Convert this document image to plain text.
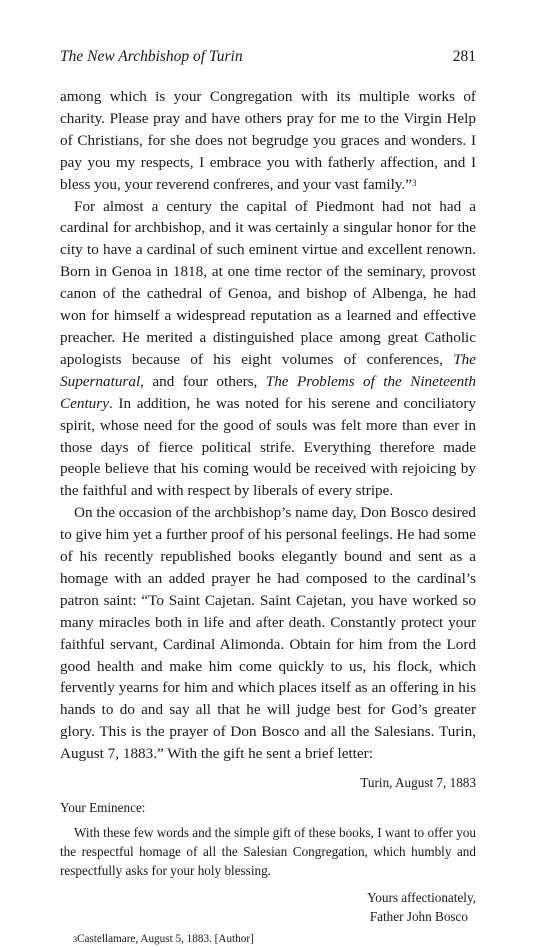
The New Archbishop of Turin	281

among which is your Congregation with its multiple works of charity. Please pray and have others pray for me to the Virgin Help of Christians, for she does not begrudge you graces and wonders. I pay you my respects, I embrace you with fatherly affection, and I bless you, your reverend confreres, and your vast family.”$^3$

For almost a century the capital of Piedmont had not had a cardinal for archbishop, and it was certainly a singular honor for the city to have a cardinal of such eminent virtue and excellent renown. Born in Genoa in 1818, at one time rector of the seminary, provost canon of the cathedral of Genoa, and bishop of Albenga, he had won for himself a widespread reputation as a learned and effective preacher. He merited a distinguished place among great Catholic apologists because of his eight volumes of conferences, The Supernatural, and four others, The Problems of the Nineteenth Century. In addition, he was noted for his serene and conciliatory spirit, whose need for the good of souls was felt more than ever in those days of fierce political strife. Everything therefore made people believe that his coming would be received with rejoicing by the faithful and with respect by liberals of every stripe.

On the occasion of the archbishop’s name day, Don Bosco desired to give him yet a further proof of his personal feelings. He had some of his recently republished books elegantly bound and sent as a homage with an added prayer he had composed to the cardinal’s patron saint: “To Saint Cajetan. Saint Cajetan, you have worked so many miracles both in life and after death. Constantly protect your faithful servant, Cardinal Alimonda. Obtain for him from the Lord good health and make him come quickly to us, his flock, which fervently yearns for him and which places itself as an offering in his hands to do and say all that he will judge best for God’s greater glory. This is the prayer of Don Bosco and all the Salesians. Turin, August 7, 1883.” With the gift he sent a brief letter:

Turin, August 7, 1883
Your Eminence:
With these few words and the simple gift of these books, I want to offer you the respectful homage of all the Salesian Congregation, which humbly and respectfully asks for your holy blessing.
Yours affectionately,
Father John Bosco
$^3$Castellamare, August 5, 1883. [Author]
